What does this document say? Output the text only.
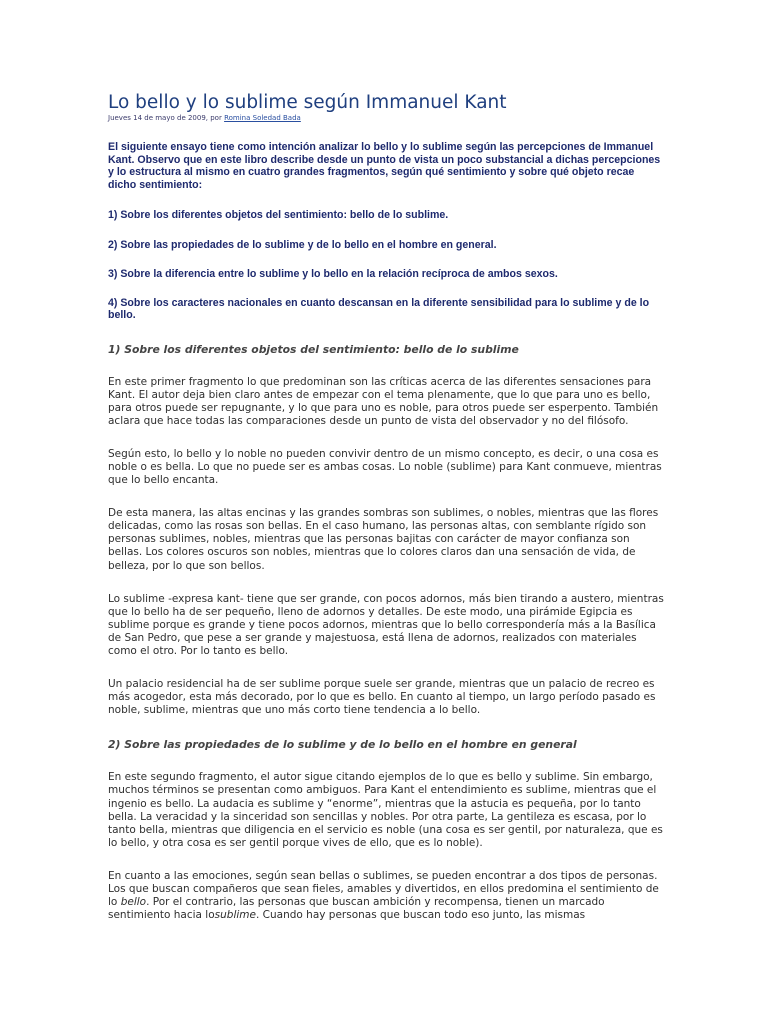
Lo bello y lo sublime según Immanuel Kant
Jueves 14 de mayo de 2009, por Romina Soledad Bada

El siguiente ensayo tiene como intención analizar lo bello y lo sublime según las percepciones de Immanuel Kant. Observo que en este libro describe desde un punto de vista un poco substancial a dichas percepciones y lo estructura al mismo en cuatro grandes fragmentos, según qué sentimiento y sobre qué objeto recae dicho sentimiento:

1) Sobre los diferentes objetos del sentimiento: bello de lo sublime.

2) Sobre las propiedades de lo sublime y de lo bello en el hombre en general.

3) Sobre la diferencia entre lo sublime y lo bello en la relación recíproca de ambos sexos.

4) Sobre los caracteres nacionales en cuanto descansan en la diferente sensibilidad para lo sublime y de lo bello.

1) Sobre los diferentes objetos del sentimiento: bello de lo sublime

En este primer fragmento lo que predominan son las críticas acerca de las diferentes sensaciones para Kant. El autor deja bien claro antes de empezar con el tema plenamente, que lo que para uno es bello, para otros puede ser repugnante, y lo que para uno es noble, para otros puede ser esperpento. También aclara que hace todas las comparaciones desde un punto de vista del observador y no del filósofo.

Según esto, lo bello y lo noble no pueden convivir dentro de un mismo concepto, es decir, o una cosa es noble o es bella. Lo que no puede ser es ambas cosas. Lo noble (sublime) para Kant conmueve, mientras que lo bello encanta.

De esta manera, las altas encinas y las grandes sombras son sublimes, o nobles, mientras que las flores delicadas, como las rosas son bellas. En el caso humano, las personas altas, con semblante rígido son personas sublimes, nobles, mientras que las personas bajitas con carácter de mayor confianza son bellas. Los colores oscuros son nobles, mientras que lo colores claros dan una sensación de vida, de belleza, por lo que son bellos.

Lo sublime -expresa kant- tiene que ser grande, con pocos adornos, más bien tirando a austero, mientras que lo bello ha de ser pequeño, lleno de adornos y detalles. De este modo, una pirámide Egipcia es sublime porque es grande y tiene pocos adornos, mientras que lo bello correspondería más a la Basílica de San Pedro, que pese a ser grande y majestuosa, está llena de adornos, realizados con materiales como el otro. Por lo tanto es bello.

Un palacio residencial ha de ser sublime porque suele ser grande, mientras que un palacio de recreo es más acogedor, esta más decorado, por lo que es bello. En cuanto al tiempo, un largo período pasado es noble, sublime, mientras que uno más corto tiene tendencia a lo bello.

2) Sobre las propiedades de lo sublime y de lo bello en el hombre en general

En este segundo fragmento, el autor sigue citando ejemplos de lo que es bello y sublime. Sin embargo, muchos términos se presentan como ambiguos. Para Kant el entendimiento es sublime, mientras que el ingenio es bello. La audacia es sublime y “enorme”, mientras que la astucia es pequeña, por lo tanto bella. La veracidad y la sinceridad son sencillas y nobles. Por otra parte, La gentileza es escasa, por lo tanto bella, mientras que diligencia en el servicio es noble (una cosa es ser gentil, por naturaleza, que es lo bello, y otra cosa es ser gentil porque vives de ello, que es lo noble).

En cuanto a las emociones, según sean bellas o sublimes, se pueden encontrar a dos tipos de personas. Los que buscan compañeros que sean fieles, amables y divertidos, en ellos predomina el sentimiento de lo bello. Por el contrario, las personas que buscan ambición y recompensa, tienen un marcado sentimiento hacia losublime. Cuando hay personas que buscan todo eso junto, las mismas
